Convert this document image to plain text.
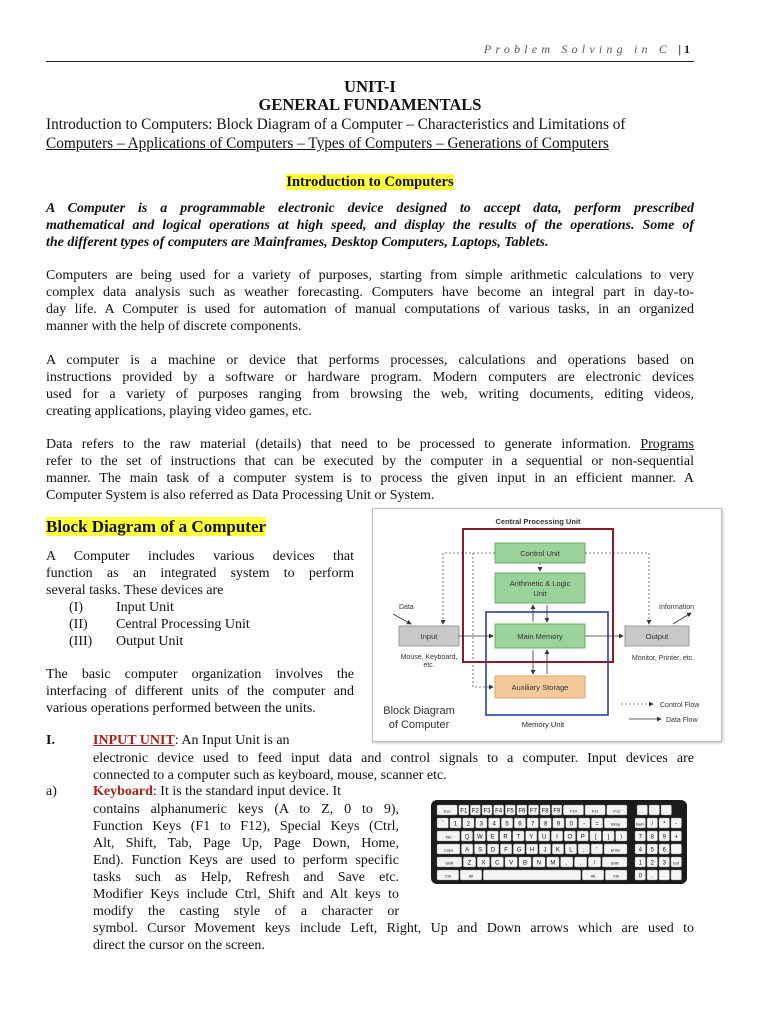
Problem Solving in C | 1
UNIT-I
GENERAL FUNDAMENTALS
Introduction to Computers: Block Diagram of a Computer – Characteristics and Limitations of
Computers – Applications of Computers – Types of Computers – Generations of Computers
Introduction to Computers

A Computer is a programmable electronic device designed to accept data, perform prescribed
mathematical and logical operations at high speed, and display the results of the operations. Some of
the different types of computers are Mainframes, Desktop Computers, Laptops, Tablets.

Computers are being used for a variety of purposes, starting from simple arithmetic calculations to very
complex data analysis such as weather forecasting. Computers have become an integral part in day-to-
day life. A Computer is used for automation of manual computations of various tasks, in an organized
manner with the help of discrete components.

A computer is a machine or device that performs processes, calculations and operations based on
instructions provided by a software or hardware program. Modern computers are electronic devices
used for a variety of purposes ranging from browsing the web, writing documents, editing videos,
creating applications, playing video games, etc.

Data refers to the raw material (details) that need to be processed to generate information. Programs
refer to the set of instructions that can be executed by the computer in a sequential or non-sequential
manner. The main task of a computer system is to process the given input in an efficient manner. A
Computer System is also referred as Data Processing Unit or System.

Block Diagram of a Computer
A Computer includes various devices that
function as an integrated system to perform
several tasks. These devices are
(I) Input Unit
(II) Central Processing Unit
(III) Output Unit
The basic computer organization involves the
interfacing of different units of the computer and
various operations performed between the units.
Central Processing Unit
Memory Unit
Control Unit
Arithmetic & Logic
Unit
Main Memory
Input
Mouse, Keyboard,
etc.
Output
Monitor, Printer, etc.
Auxiliary Storage
Data	Information
Block Diagram
of Computer
Control Flow
Data Flow
I.	INPUT UNIT: An Input Unit is an

electronic device used to feed input data and control signals to a computer. Input devices are
connected to a computer such as keyboard, mouse, scanner etc.

a)	Keyboard: It is the standard input device. It
contains alphanumeric keys (A to Z, 0 to 9),
Function Keys (F1 to F12), Special Keys (Ctrl,
Alt, Shift, Tab, Page Up, Page Down, Home,
End). Function Keys are used to perform specific
tasks such as Help, Refresh and Save etc.
Modifier Keys include Ctrl, Shift and Alt keys to
modify the casting style of a character or

symbol. Cursor Movement keys include Left, Right, Up and Down arrows which are used to
direct the cursor on the screen.

Esc F1 F2 F3 F4 F5 F6 F7 F8 F9 F10	F11	F12
` 1 2 3 4 5 6 7 8 9 0 - =	Bksp
Tab Q W E R T Y U I O P [ ] \
Caps A S D F G H J K L ; '	Enter
Shift Z X C V B N M , . /	Shift
Ctrl	Alt	Alt	Ctrl
Num / * -
7 8 9 +
4 5 6
1 2 3 Ent
0 .
